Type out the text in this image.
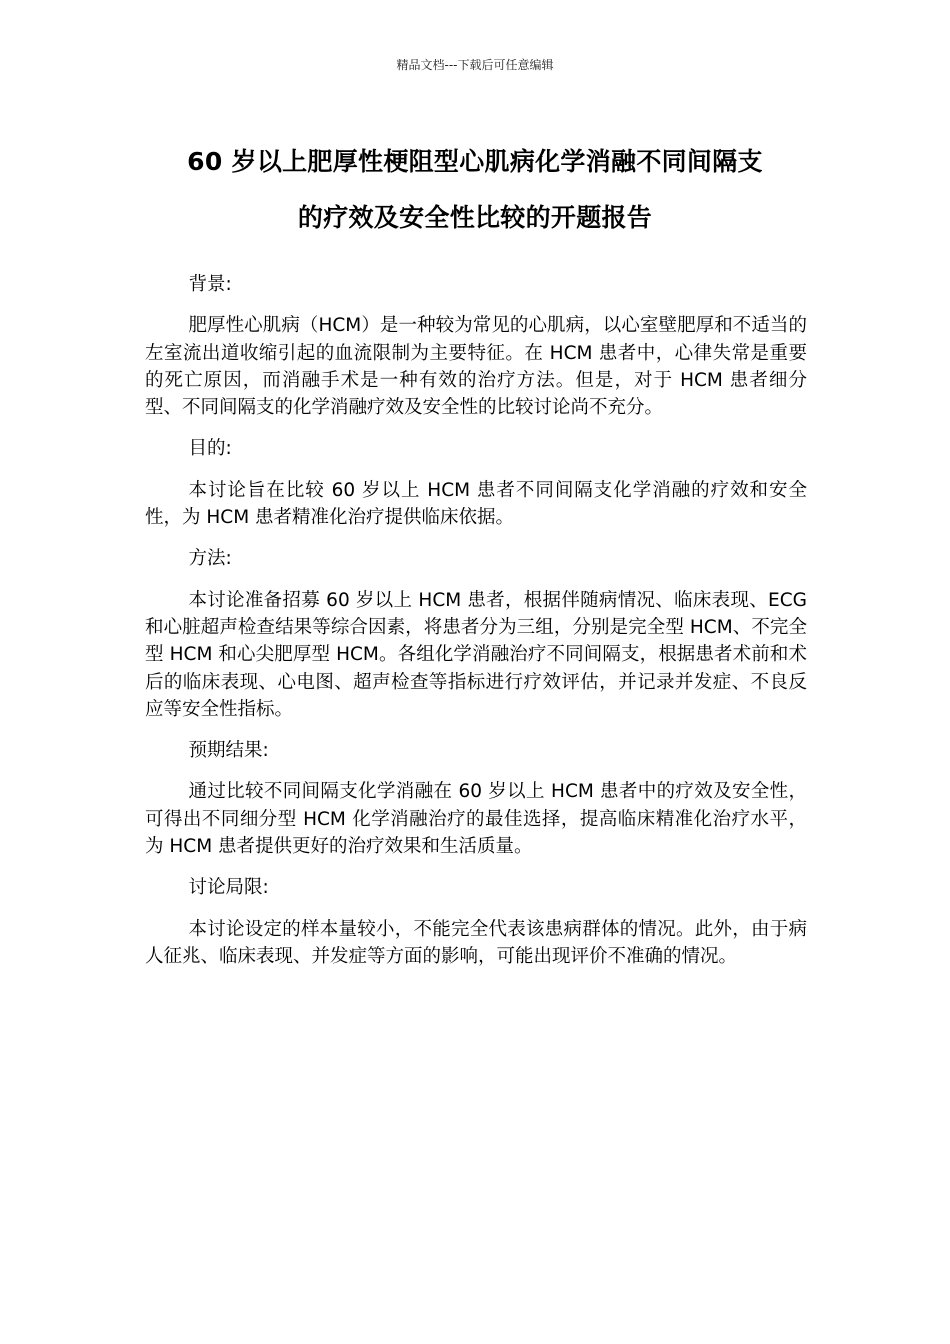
精品文档---下载后可任意编辑
60 岁以上肥厚性梗阻型心肌病化学消融不同间隔支
的疗效及安全性比较的开题报告

背景:

肥厚性心肌病（HCM）是一种较为常见的心肌病，以心室壁肥厚和不适当的左室流出道收缩引起的血流限制为主要特征。在 HCM 患者中，心律失常是重要的死亡原因，而消融手术是一种有效的治疗方法。但是，对于 HCM 患者细分型、不同间隔支的化学消融疗效及安全性的比较讨论尚不充分。

目的:

本讨论旨在比较 60 岁以上 HCM 患者不同间隔支化学消融的疗效和安全性，为 HCM 患者精准化治疗提供临床依据。

方法:

本讨论准备招募 60 岁以上 HCM 患者，根据伴随病情况、临床表现、ECG 和心脏超声检查结果等综合因素，将患者分为三组，分别是完全型 HCM、不完全型 HCM 和心尖肥厚型 HCM。各组化学消融治疗不同间隔支，根据患者术前和术后的临床表现、心电图、超声检查等指标进行疗效评估，并记录并发症、不良反应等安全性指标。

预期结果:

通过比较不同间隔支化学消融在 60 岁以上 HCM 患者中的疗效及安全性，可得出不同细分型 HCM 化学消融治疗的最佳选择，提高临床精准化治疗水平，为 HCM 患者提供更好的治疗效果和生活质量。

讨论局限:

本讨论设定的样本量较小，不能完全代表该患病群体的情况。此外，由于病人征兆、临床表现、并发症等方面的影响，可能出现评价不准确的情况。
